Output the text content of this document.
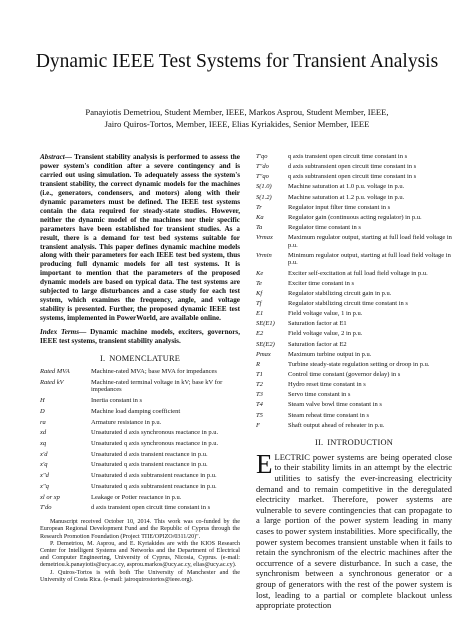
Dynamic IEEE Test Systems for Transient Analysis
Panayiotis Demetriou, Student Member, IEEE, Markos Asprou, Student Member, IEEE,
Jairo Quiros-Tortos, Member, IEEE, Elias Kyriakides, Senior Member, IEEE

Abstract— Transient stability analysis is performed to assess the power system's condition after a severe contingency and is carried out using simulation. To adequately assess the system's transient stability, the correct dynamic models for the machines (i.e., generators, condensers, and motors) along with their dynamic parameters must be defined. The IEEE test systems contain the data required for steady-state studies. However, neither the dynamic model of the machines nor their specific parameters have been established for transient studies. As a result, there is a demand for test bed systems suitable for transient analysis. This paper defines dynamic machine models along with their parameters for each IEEE test bed system, thus producing full dynamic models for all test systems. It is important to mention that the parameters of the proposed dynamic models are based on typical data. The test systems are subjected to large disturbances and a case study for each test system, which examines the frequency, angle, and voltage stability is presented. Further, the proposed dynamic IEEE test systems, implemented in PowerWorld, are available online.

Index Terms— Dynamic machine models, exciters, governors, IEEE test systems, transient stability analysis.

I. NOMENCLATURE
Rated MVA	Machine-rated MVA; base MVA for impedances
Rated kV	Machine-rated terminal voltage in kV; base kV for impedances
H	Inertia constant in s
D	Machine load damping coefficient
ra	Armature resistance in p.u.
xd	Unsaturated d axis synchronous reactance in p.u.
xq	Unsaturated q axis synchronous reactance in p.u.
x'd	Unsaturated d axis transient reactance in p.u.
x'q	Unsaturated q axis transient reactance in p.u.
x"d	Unsaturated d axis subtransient reactance in p.u.
x"q	Unsaturated q axis subtransient reactance in p.u.
xl or xp	Leakage or Potier reactance in p.u.
T'do	d axis transient open circuit time constant in s

Manuscript received October 10, 2014. This work was co-funded by the European Regional Development Fund and the Republic of Cyprus through the Research Promotion Foundation (Project ΤΠΕ/ΟΡΙΖΟ/0311/20)".

P. Demetriou, M. Asprou, and E. Kyriakides are with the KIOS Research Center for Intelligent Systems and Networks and the Department of Electrical and Computer Engineering, University of Cyprus, Nicosia, Cyprus. (e-mail: demetriou.k.panayiotis@ucy.ac.cy, asprou.markos@ucy.ac.cy, elias@ucy.ac.cy).

J. Quiros-Tortos is with both The University of Manchester and the University of Costa Rica. (e-mail: jairoquirostortos@ieee.org).

T'qo	q axis transient open circuit time constant in s
T"do	d axis subtransient open circuit time constant in s
T"qo	q axis subtransient open circuit time constant in s
S(1.0)	Machine saturation at 1.0 p.u. voltage in p.u.
S(1.2)	Machine saturation at 1.2 p.u. voltage in p.u.
Tr	Regulator input filter time constant in s
Ka	Regulator gain (continuous acting regulator) in p.u.
Ta	Regulator time constant in s
Vrmax	Maximum regulator output, starting at full load field voltage in p.u.
Vrmin	Minimum regulator output, starting at full load field voltage in p.u.
Ke	Exciter self-excitation at full load field voltage in p.u.
Te	Exciter time constant in s
Kf	Regulator stabilizing circuit gain in p.u.
Tf	Regulator stabilizing circuit time constant in s
E1	Field voltage value, 1 in p.u.
SE(E1)	Saturation factor at E1
E2	Field voltage value, 2 in p.u.
SE(E2)	Saturation factor at E2
Pmax	Maximum turbine output in p.u.
R	Turbine steady-state regulation setting or droop in p.u.
T1	Control time constant (governor delay) in s
T2	Hydro reset time constant in s
T3	Servo time constant in s
T4	Steam valve bowl time constant in s
T5	Steam reheat time constant in s
F	Shaft output ahead of reheater in p.u.
II. INTRODUCTION

ELECTRIC power systems are being operated close to their stability limits in an attempt by the electric utilities to satisfy the ever-increasing electricity demand and to remain competitive in the deregulated electricity market. Therefore, power systems are vulnerable to severe contingencies that can propagate to a large portion of the power system leading in many cases to power system instabilities. More specifically, the power system becomes transient unstable when it fails to retain the synchronism of the electric machines after the occurrence of a severe disturbance. In such a case, the synchronism between a synchronous generator or a group of generators with the rest of the power system is lost, leading to a partial or complete blackout unless appropriate protection
